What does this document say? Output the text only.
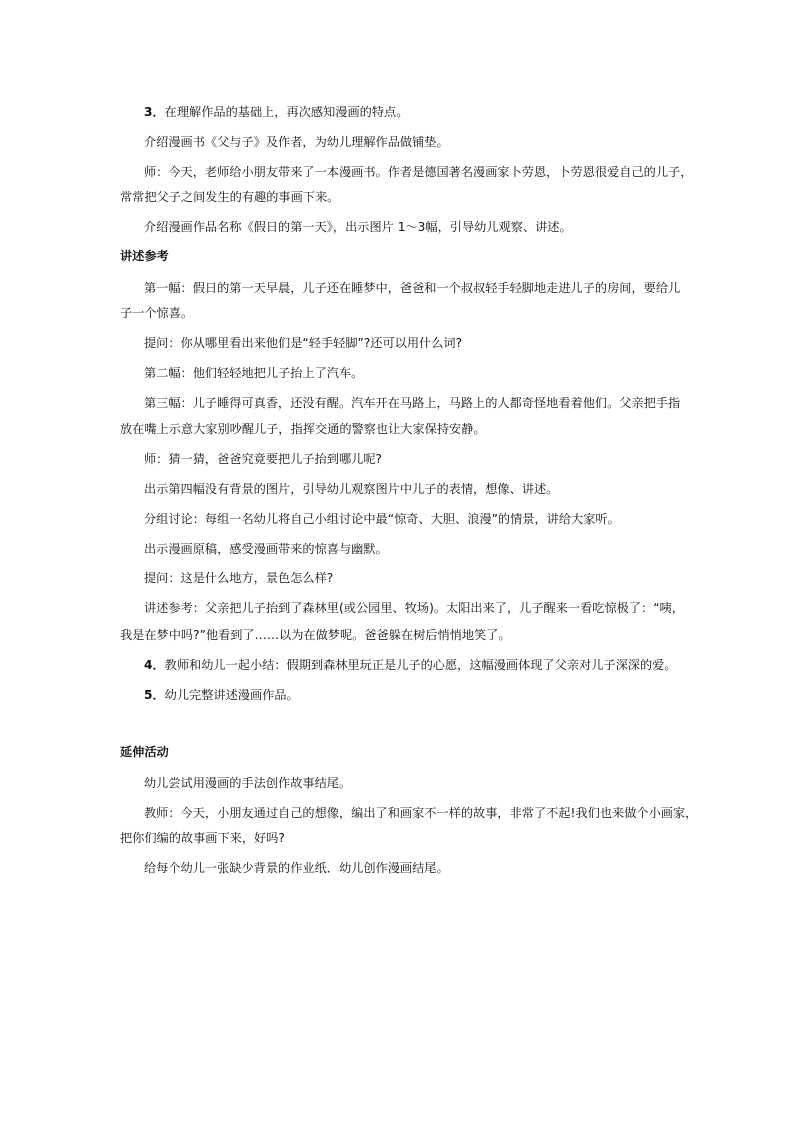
3．在理解作品的基础上，再次感知漫画的特点。
介绍漫画书《父与子》及作者，为幼儿理解作品做铺垫。
师：今天，老师给小朋友带来了一本漫画书。作者是德国著名漫画家卜劳恩，卜劳恩很爱自己的儿子，
常常把父子之间发生的有趣的事画下来。
介绍漫画作品名称《假日的第一天》，出示图片 1～3幅，引导幼儿观察、讲述。
讲述参考
第一幅：假日的第一天早晨，儿子还在睡梦中，爸爸和一个叔叔轻手轻脚地走进儿子的房间，要给儿
子一个惊喜。
提问：你从哪里看出来他们是“轻手轻脚”?还可以用什么词?
第二幅：他们轻轻地把儿子抬上了汽车。
第三幅：儿子睡得可真香，还没有醒。汽车开在马路上，马路上的人都奇怪地看着他们。父亲把手指
放在嘴上示意大家别吵醒儿子，指挥交通的警察也让大家保持安静。
师：猜一猜，爸爸究竟要把儿子抬到哪儿呢?
出示第四幅没有背景的图片，引导幼儿观察图片中儿子的表情，想像、讲述。
分组讨论：每组一名幼儿将自己小组讨论中最“惊奇、大胆、浪漫”的情景，讲给大家听。
出示漫画原稿，感受漫画带来的惊喜与幽默。
提问：这是什么地方，景色怎么样?
讲述参考：父亲把儿子抬到了森林里(或公园里、牧场)。太阳出来了，儿子醒来一看吃惊极了：“咦，
我是在梦中吗?”他看到了……以为在做梦呢。爸爸躲在树后悄悄地笑了。
4．教师和幼儿一起小结：假期到森林里玩正是儿子的心愿，这幅漫画体现了父亲对儿子深深的爱。
5．幼儿完整讲述漫画作品。
延伸活动
幼儿尝试用漫画的手法创作故事结尾。
教师：今天，小朋友通过自己的想像，编出了和画家不一样的故事，非常了不起!我们也来做个小画家，
把你们编的故事画下来，好吗?
给每个幼儿一张缺少背景的作业纸．幼儿创作漫画结尾。
